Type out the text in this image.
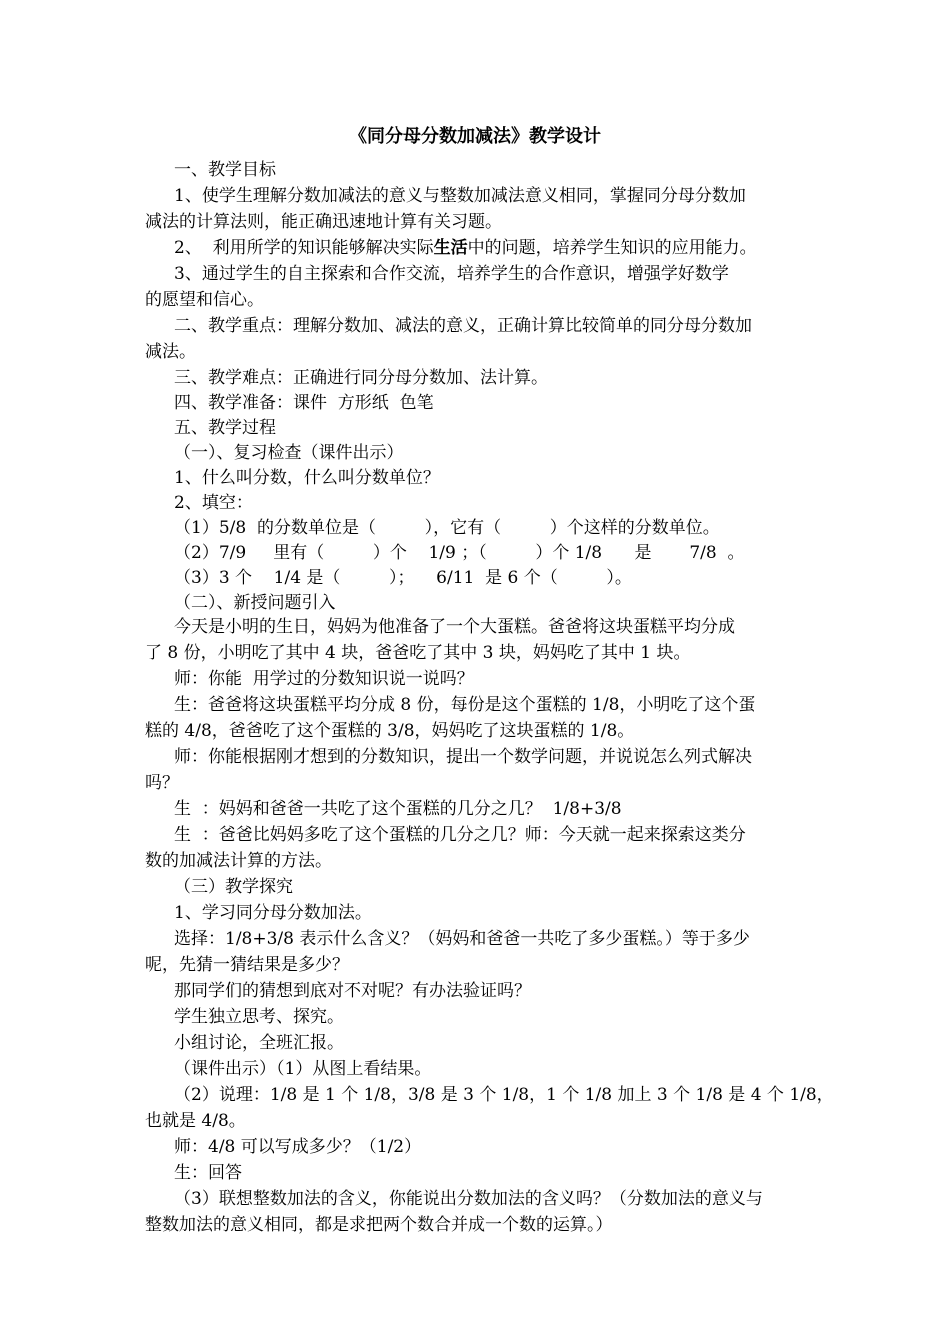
《同分母分数加减法》教学设计

一、教学目标

1、使学生理解分数加减法的意义与整数加减法意义相同，掌握同分母分数加

减法的计算法则，能正确迅速地计算有关习题。

2、  利用所学的知识能够解决实际生活中的问题，培养学生知识的应用能力。

3、通过学生的自主探索和合作交流，培养学生的合作意识，增强学好数学

的愿望和信心。

二、教学重点：理解分数加、减法的意义，正确计算比较简单的同分母分数加

减法。

三、教学难点：正确进行同分母分数加、法计算。

四、教学准备：课件  方形纸  色笔

五、教学过程

（一）、复习检查（课件出示）

1、什么叫分数，什么叫分数单位？

2、填空：

（1）5/8  的分数单位是（         ），它有（         ）个这样的分数单位。

（2）7/9     里有（         ）个    1/9 ；（         ）个 1/8      是       7/8  。

（3）3 个    1/4 是（         ）；    6/11  是 6 个（         ）。

（二）、新授问题引入

今天是小明的生日，妈妈为他准备了一个大蛋糕。爸爸将这块蛋糕平均分成

了 8 份，小明吃了其中 4 块，爸爸吃了其中 3 块，妈妈吃了其中 1 块。

师：你能  用学过的分数知识说一说吗？

生：爸爸将这块蛋糕平均分成 8 份，每份是这个蛋糕的 1/8，小明吃了这个蛋

糕的 4/8，爸爸吃了这个蛋糕的 3/8，妈妈吃了这块蛋糕的 1/8。

师：你能根据刚才想到的分数知识，提出一个数学问题，并说说怎么列式解决

吗？

生  ：妈妈和爸爸一共吃了这个蛋糕的几分之几？  1/8+3/8

生  ：爸爸比妈妈多吃了这个蛋糕的几分之几？师：今天就一起来探索这类分

数的加减法计算的方法。

（三）教学探究

1、学习同分母分数加法。

选择：1/8+3/8 表示什么含义？（妈妈和爸爸一共吃了多少蛋糕。）等于多少

呢，先猜一猜结果是多少？

那同学们的猜想到底对不对呢？有办法验证吗？

学生独立思考、探究。

小组讨论，全班汇报。

（课件出示）（1）从图上看结果。

（2）说理：1/8 是 1 个 1/8，3/8 是 3 个 1/8，1 个 1/8 加上 3 个 1/8 是 4 个 1/8，

也就是 4/8。

师：4/8 可以写成多少？（1/2）

生：回答

（3）联想整数加法的含义，你能说出分数加法的含义吗？（分数加法的意义与

整数加法的意义相同，都是求把两个数合并成一个数的运算。）
